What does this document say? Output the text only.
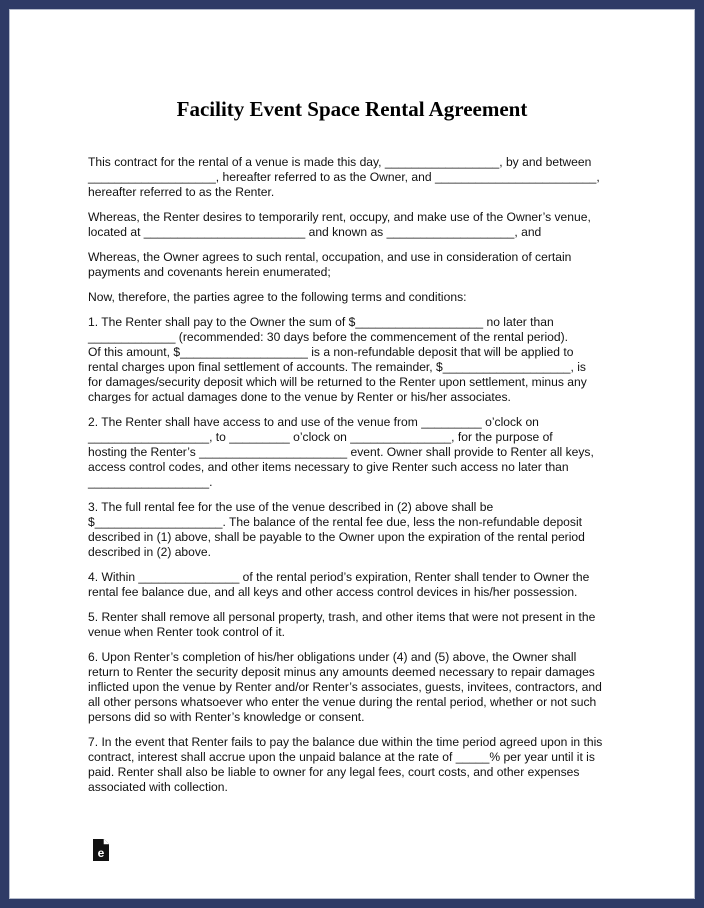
Facility Event Space Rental Agreement
This contract for the rental of a venue is made this day, _________________, by and between
___________________, hereafter referred to as the Owner, and ________________________,
hereafter referred to as the Renter.
Whereas, the Renter desires to temporarily rent, occupy, and make use of the Owner’s venue,
located at ________________________ and known as ___________________, and
Whereas, the Owner agrees to such rental, occupation, and use in consideration of certain
payments and covenants herein enumerated;
Now, therefore, the parties agree to the following terms and conditions:
1. The Renter shall pay to the Owner the sum of $___________________ no later than
_____________ (recommended: 30 days before the commencement of the rental period).
Of this amount, $___________________ is a non-refundable deposit that will be applied to
rental charges upon final settlement of accounts. The remainder, $___________________, is
for damages/security deposit which will be returned to the Renter upon settlement, minus any
charges for actual damages done to the venue by Renter or his/her associates.
2. The Renter shall have access to and use of the venue from _________ o’clock on
__________________, to _________ o’clock on _______________, for the purpose of
hosting the Renter’s ______________________ event. Owner shall provide to Renter all keys,
access control codes, and other items necessary to give Renter such access no later than
__________________.
3. The full rental fee for the use of the venue described in (2) above shall be
$___________________. The balance of the rental fee due, less the non-refundable deposit
described in (1) above, shall be payable to the Owner upon the expiration of the rental period
described in (2) above.
4. Within _______________ of the rental period’s expiration, Renter shall tender to Owner the
rental fee balance due, and all keys and other access control devices in his/her possession.
5. Renter shall remove all personal property, trash, and other items that were not present in the
venue when Renter took control of it.
6. Upon Renter’s completion of his/her obligations under (4) and (5) above, the Owner shall
return to Renter the security deposit minus any amounts deemed necessary to repair damages
inflicted upon the venue by Renter and/or Renter’s associates, guests, invitees, contractors, and
all other persons whatsoever who enter the venue during the rental period, whether or not such
persons did so with Renter’s knowledge or consent.
7. In the event that Renter fails to pay the balance due within the time period agreed upon in this
contract, interest shall accrue upon the unpaid balance at the rate of _____% per year until it is
paid. Renter shall also be liable to owner for any legal fees, court costs, and other expenses
associated with collection.
e
